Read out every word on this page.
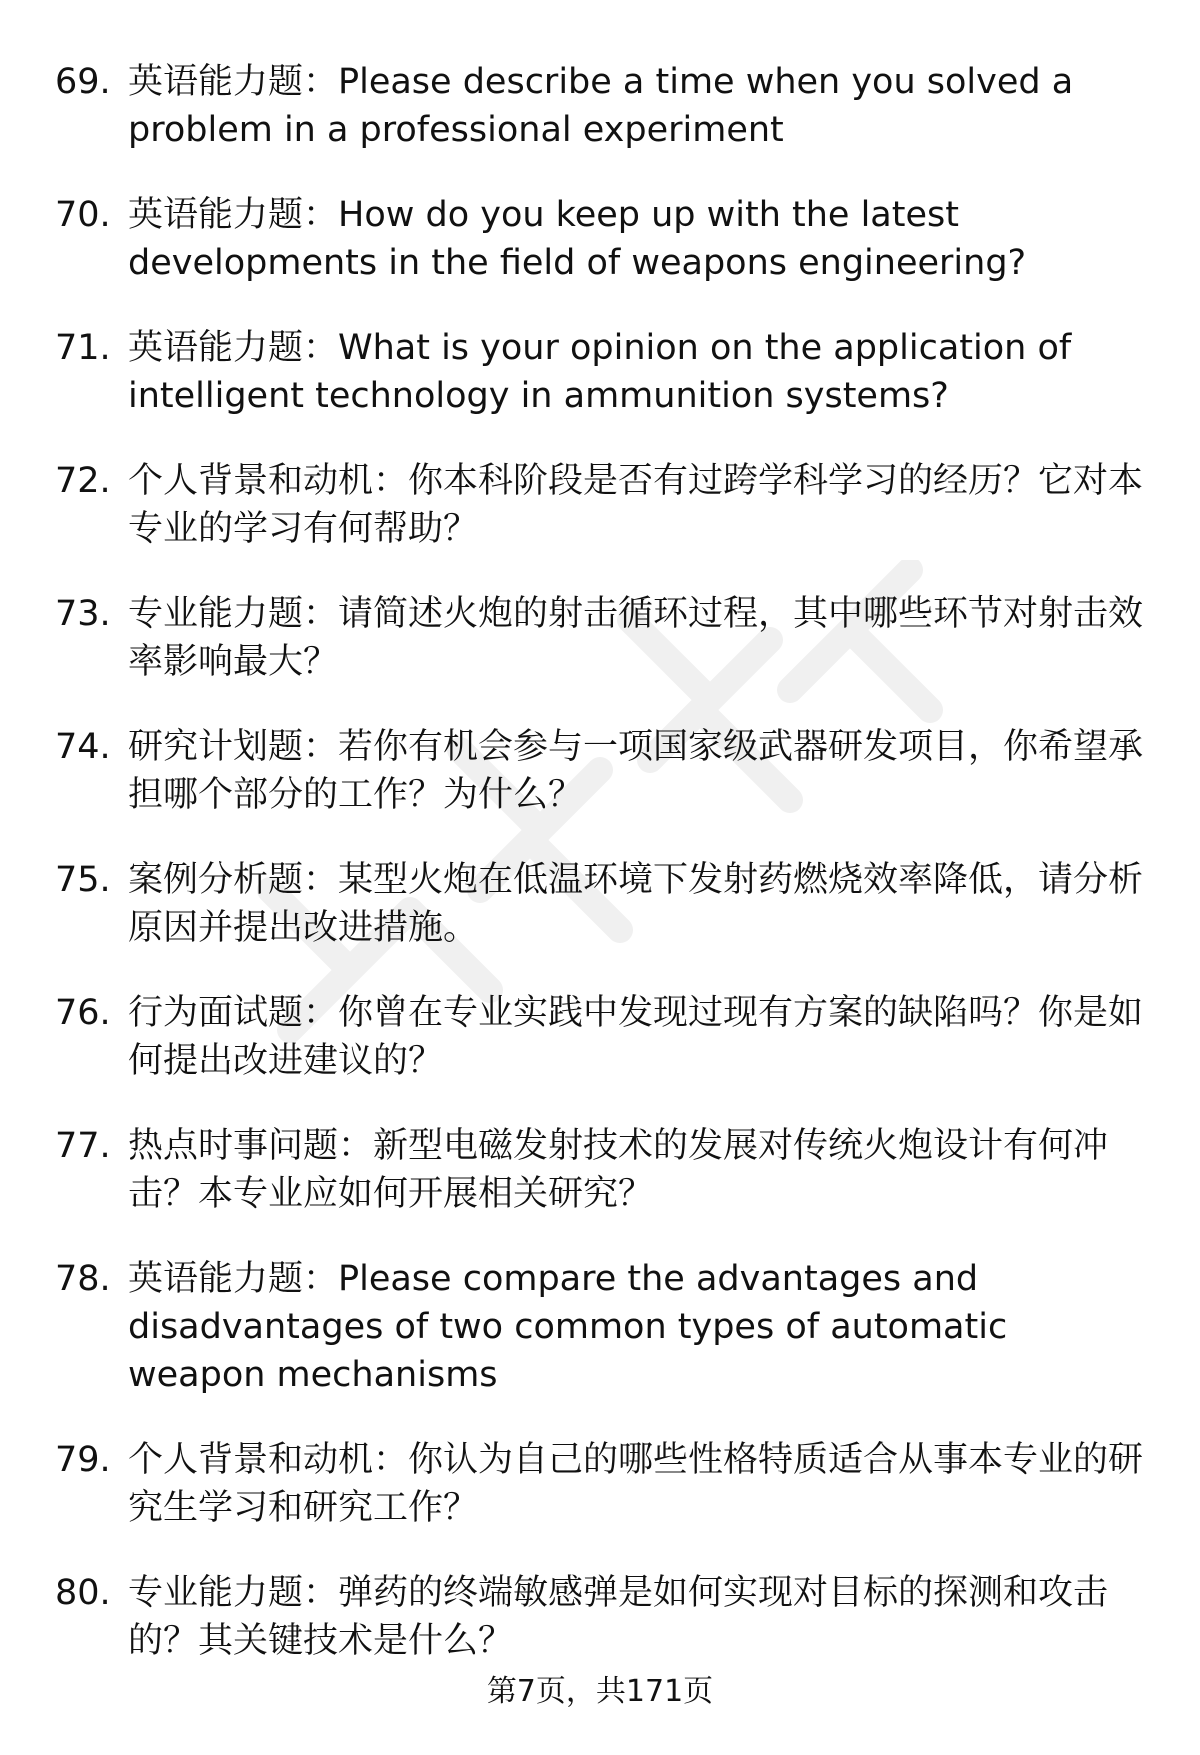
69. 英语能力题：Please describe a time when you solved a problem in a professional experiment
70. 英语能力题：How do you keep up with the latest developments in the field of weapons engineering?
71. 英语能力题：What is your opinion on the application of intelligent technology in ammunition systems?
72. 个人背景和动机：你本科阶段是否有过跨学科学习的经历？它对本专业的学习有何帮助？
73. 专业能力题：请简述火炮的射击循环过程，其中哪些环节对射击效率影响最大？
74. 研究计划题：若你有机会参与一项国家级武器研发项目，你希望承担哪个部分的工作？为什么？
75. 案例分析题：某型火炮在低温环境下发射药燃烧效率降低，请分析原因并提出改进措施。
76. 行为面试题：你曾在专业实践中发现过现有方案的缺陷吗？你是如何提出改进建议的？
77. 热点时事问题：新型电磁发射技术的发展对传统火炮设计有何冲击？本专业应如何开展相关研究？
78. 英语能力题：Please compare the advantages and disadvantages of two common types of automatic weapon mechanisms
79. 个人背景和动机：你认为自己的哪些性格特质适合从事本专业的研究生学习和研究工作？
80. 专业能力题：弹药的终端敏感弹是如何实现对目标的探测和攻击的？其关键技术是什么？
第7页，共171页
